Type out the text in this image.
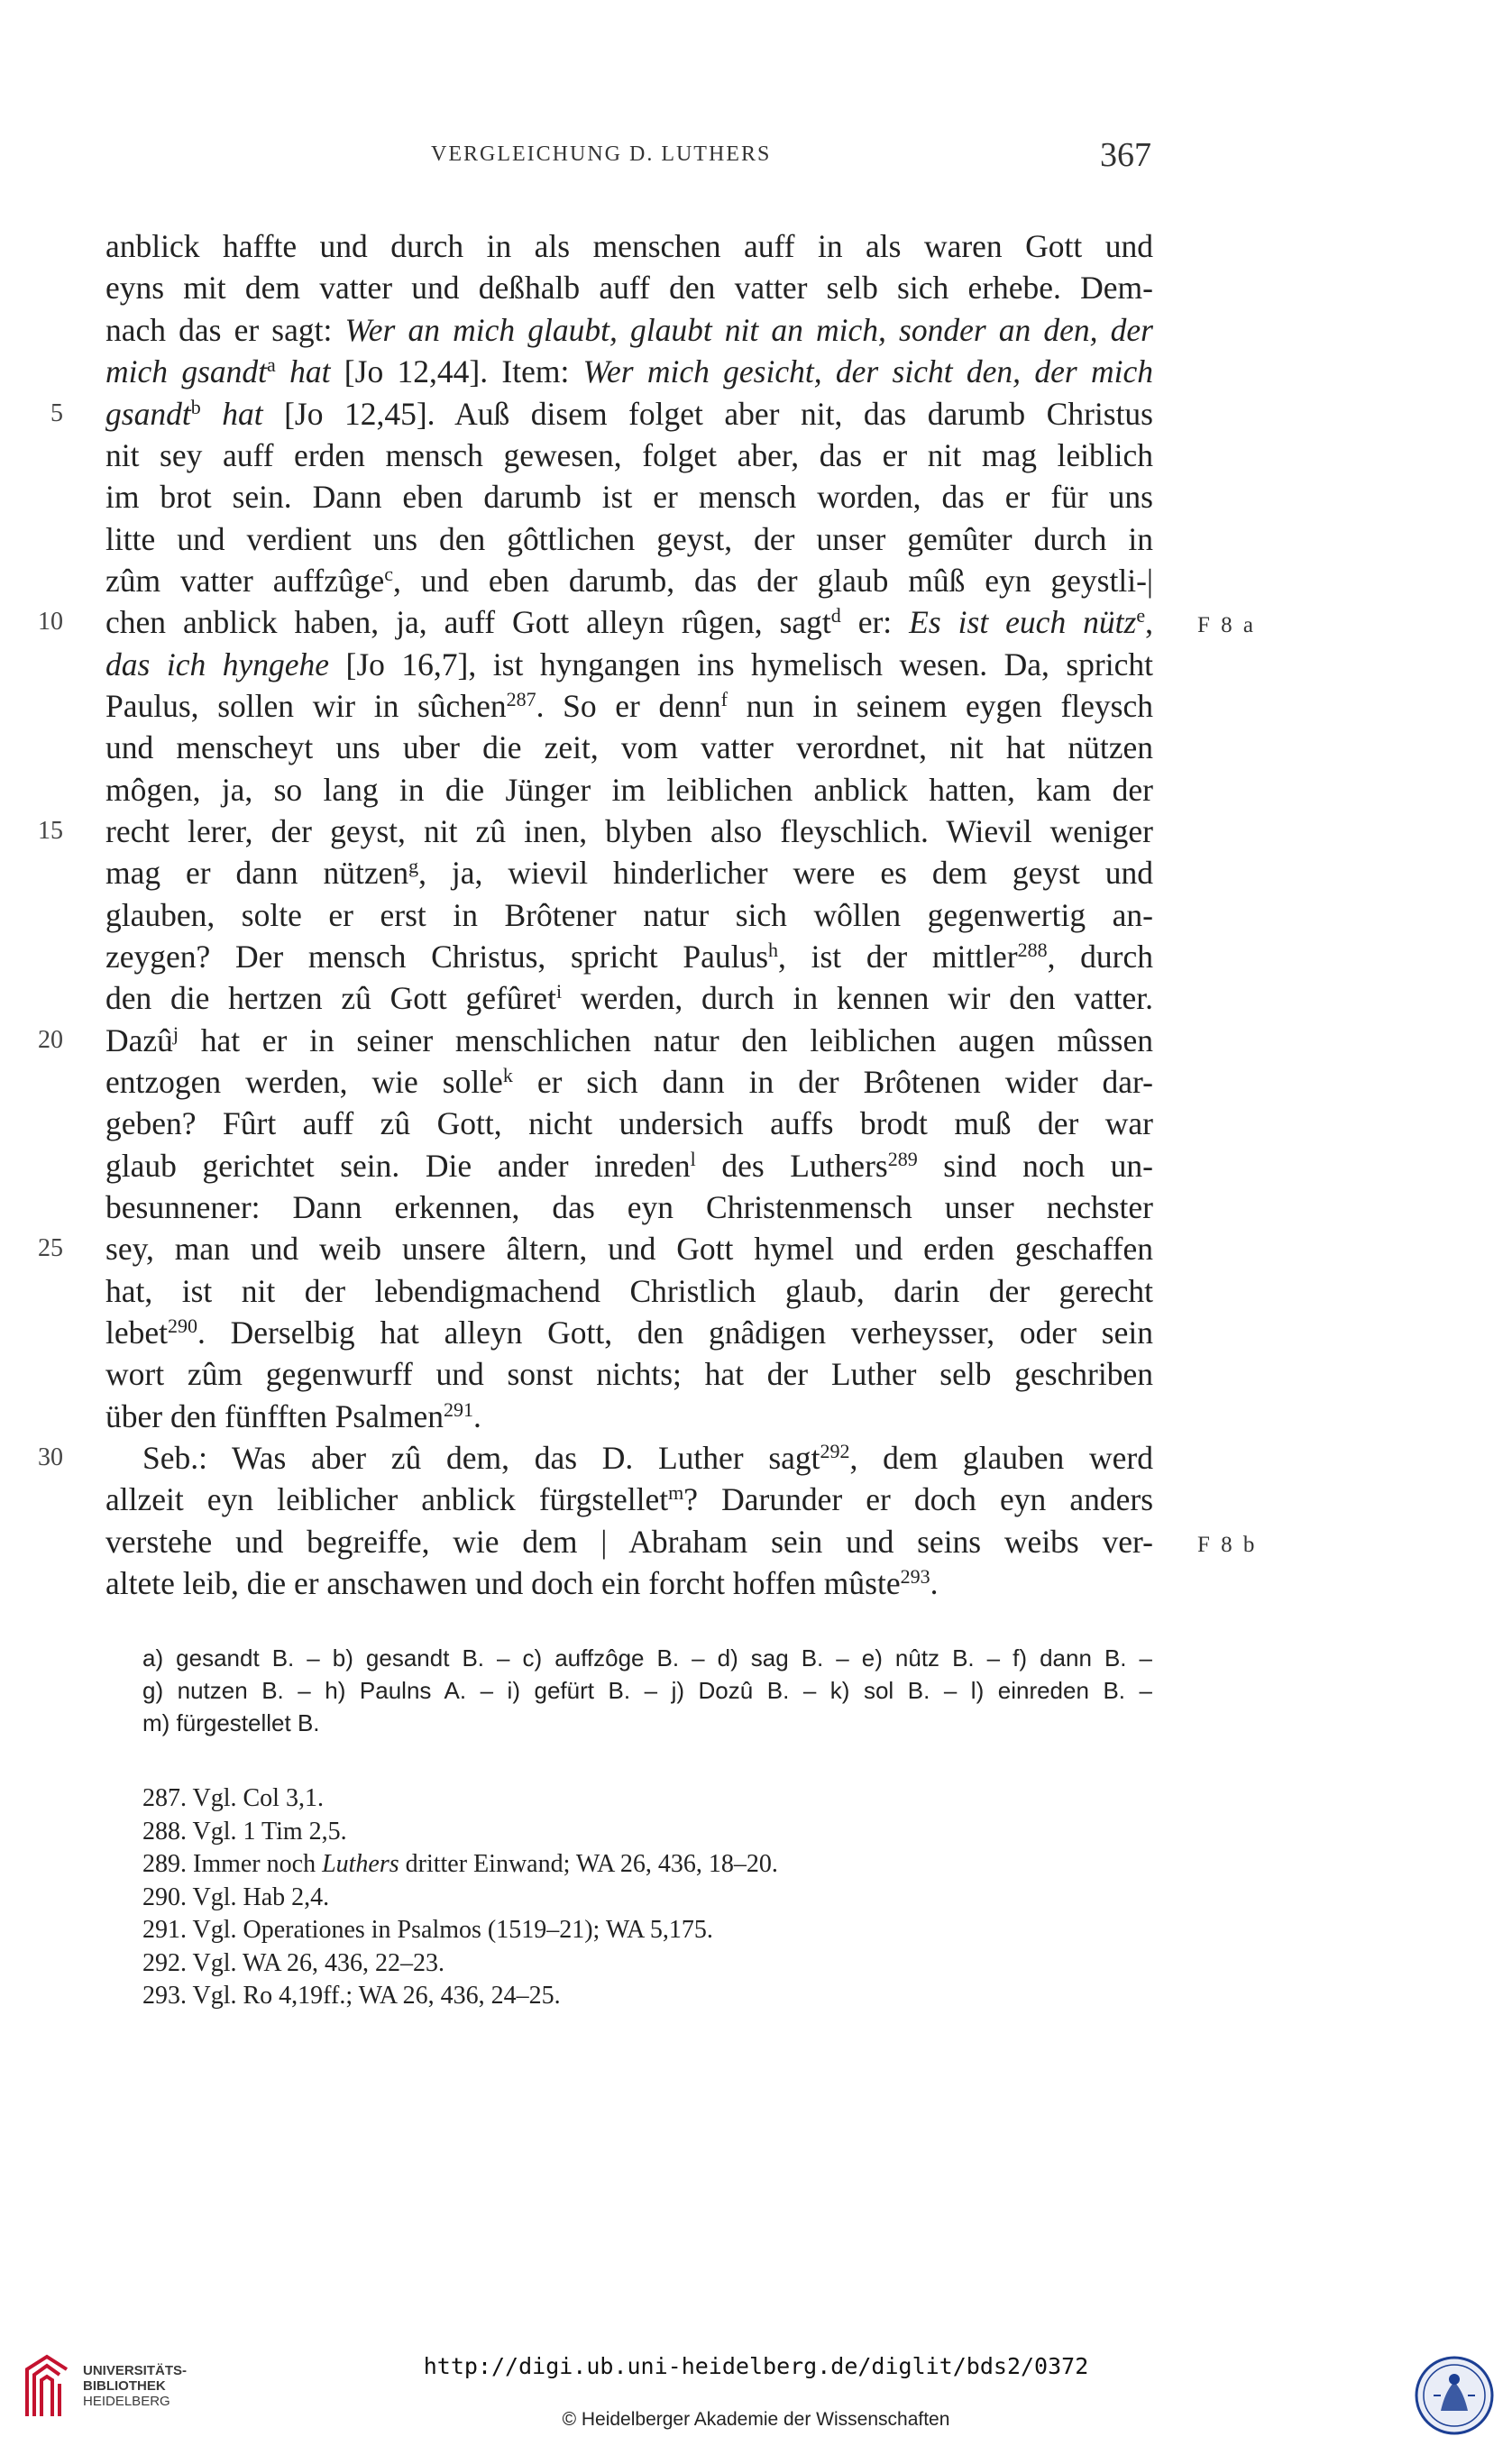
VERGLEICHUNG D. LUTHERS	367
anblick haffte und durch in als menschen auff in als waren Gott und
eyns mit dem vatter und deßhalb auff den vatter selb sich erhebe. Dem-
nach das er sagt: Wer an mich glaubt, glaubt nit an mich, sonder an den, der
mich gsandt$^a$ hat [Jo 12,44]. Item: Wer mich gesicht, der sicht den, der mich
gsandt$^b$ hat [Jo 12,45]. Auß disem folget aber nit, das darumb Christus
nit sey auff erden mensch gewesen, folget aber, das er nit mag leiblich
im brot sein. Dann eben darumb ist er mensch worden, das er für uns
litte und verdient uns den gôttlichen geyst, der unser gemûter durch in
zûm vatter auffzûge$^c$, und eben darumb, das der glaub mûß eyn geystli-|
chen anblick haben, ja, auff Gott alleyn rûgen, sagt$^d$ er: Es ist euch nütz$^e$,
das ich hyngehe [Jo 16,7], ist hyngangen ins hymelisch wesen. Da, spricht
Paulus, sollen wir in sûchen$^{287}$. So er denn$^f$ nun in seinem eygen fleysch
und menscheyt uns uber die zeit, vom vatter verordnet, nit hat nützen
môgen, ja, so lang in die Jünger im leiblichen anblick hatten, kam der
recht lerer, der geyst, nit zû inen, blyben also fleyschlich. Wievil weniger
mag er dann nützen$^g$, ja, wievil hinderlicher were es dem geyst und
glauben, solte er erst in Brôtener natur sich wôllen gegenwertig an-
zeygen? Der mensch Christus, spricht Paulus$^h$, ist der mittler$^{288}$, durch
den die hertzen zû Gott gefûret$^i$ werden, durch in kennen wir den vatter.
Dazû$^j$ hat er in seiner menschlichen natur den leiblichen augen mûssen
entzogen werden, wie solle$^k$ er sich dann in der Brôtenen wider dar-
geben? Fûrt auff zû Gott, nicht undersich auffs brodt muß der war
glaub gerichtet sein. Die ander inreden$^l$ des Luthers$^{289}$ sind noch un-
besunnener: Dann erkennen, das eyn Christenmensch unser nechster
sey, man und weib unsere âltern, und Gott hymel und erden geschaffen
hat, ist nit der lebendigmachend Christlich glaub, darin der gerecht
lebet$^{290}$. Derselbig hat alleyn Gott, den gnâdigen verheysser, oder sein
wort zûm gegenwurff und sonst nichts; hat der Luther selb geschriben
über den fünfften Psalmen$^{291}$.
Seb.: Was aber zû dem, das D. Luther sagt$^{292}$, dem glauben werd
allzeit eyn leiblicher anblick fürgstellet$^m$? Darunder er doch eyn anders
verstehe und begreiffe, wie dem | Abraham sein und seins weibs ver-
altete leib, die er anschawen und doch ein forcht hoffen mûste$^{293}$.
5
10
15
20
25
30
F 8 a
F 8 b
a) gesandt B. – b) gesandt B. – c) auffzôge B. – d) sag B. – e) nûtz B. – f) dann B. –
g) nutzen B. – h) Paulns A. – i) gefürt B. – j) Dozû B. – k) sol B. – l) einreden B. –
m) fürgestellet B.
287. Vgl. Col 3,1.
288. Vgl. 1 Tim 2,5.
289. Immer noch Luthers dritter Einwand; WA 26, 436, 18–20.
290. Vgl. Hab 2,4.
291. Vgl. Operationes in Psalmos (1519–21); WA 5,175.
292. Vgl. WA 26, 436, 22–23.
293. Vgl. Ro 4,19ff.; WA 26, 436, 24–25.
UNIVERSITÄTS-
BIBLIOTHEK
HEIDELBERG
http://digi.ub.uni-heidelberg.de/diglit/bds2/0372
© Heidelberger Akademie der Wissenschaften
